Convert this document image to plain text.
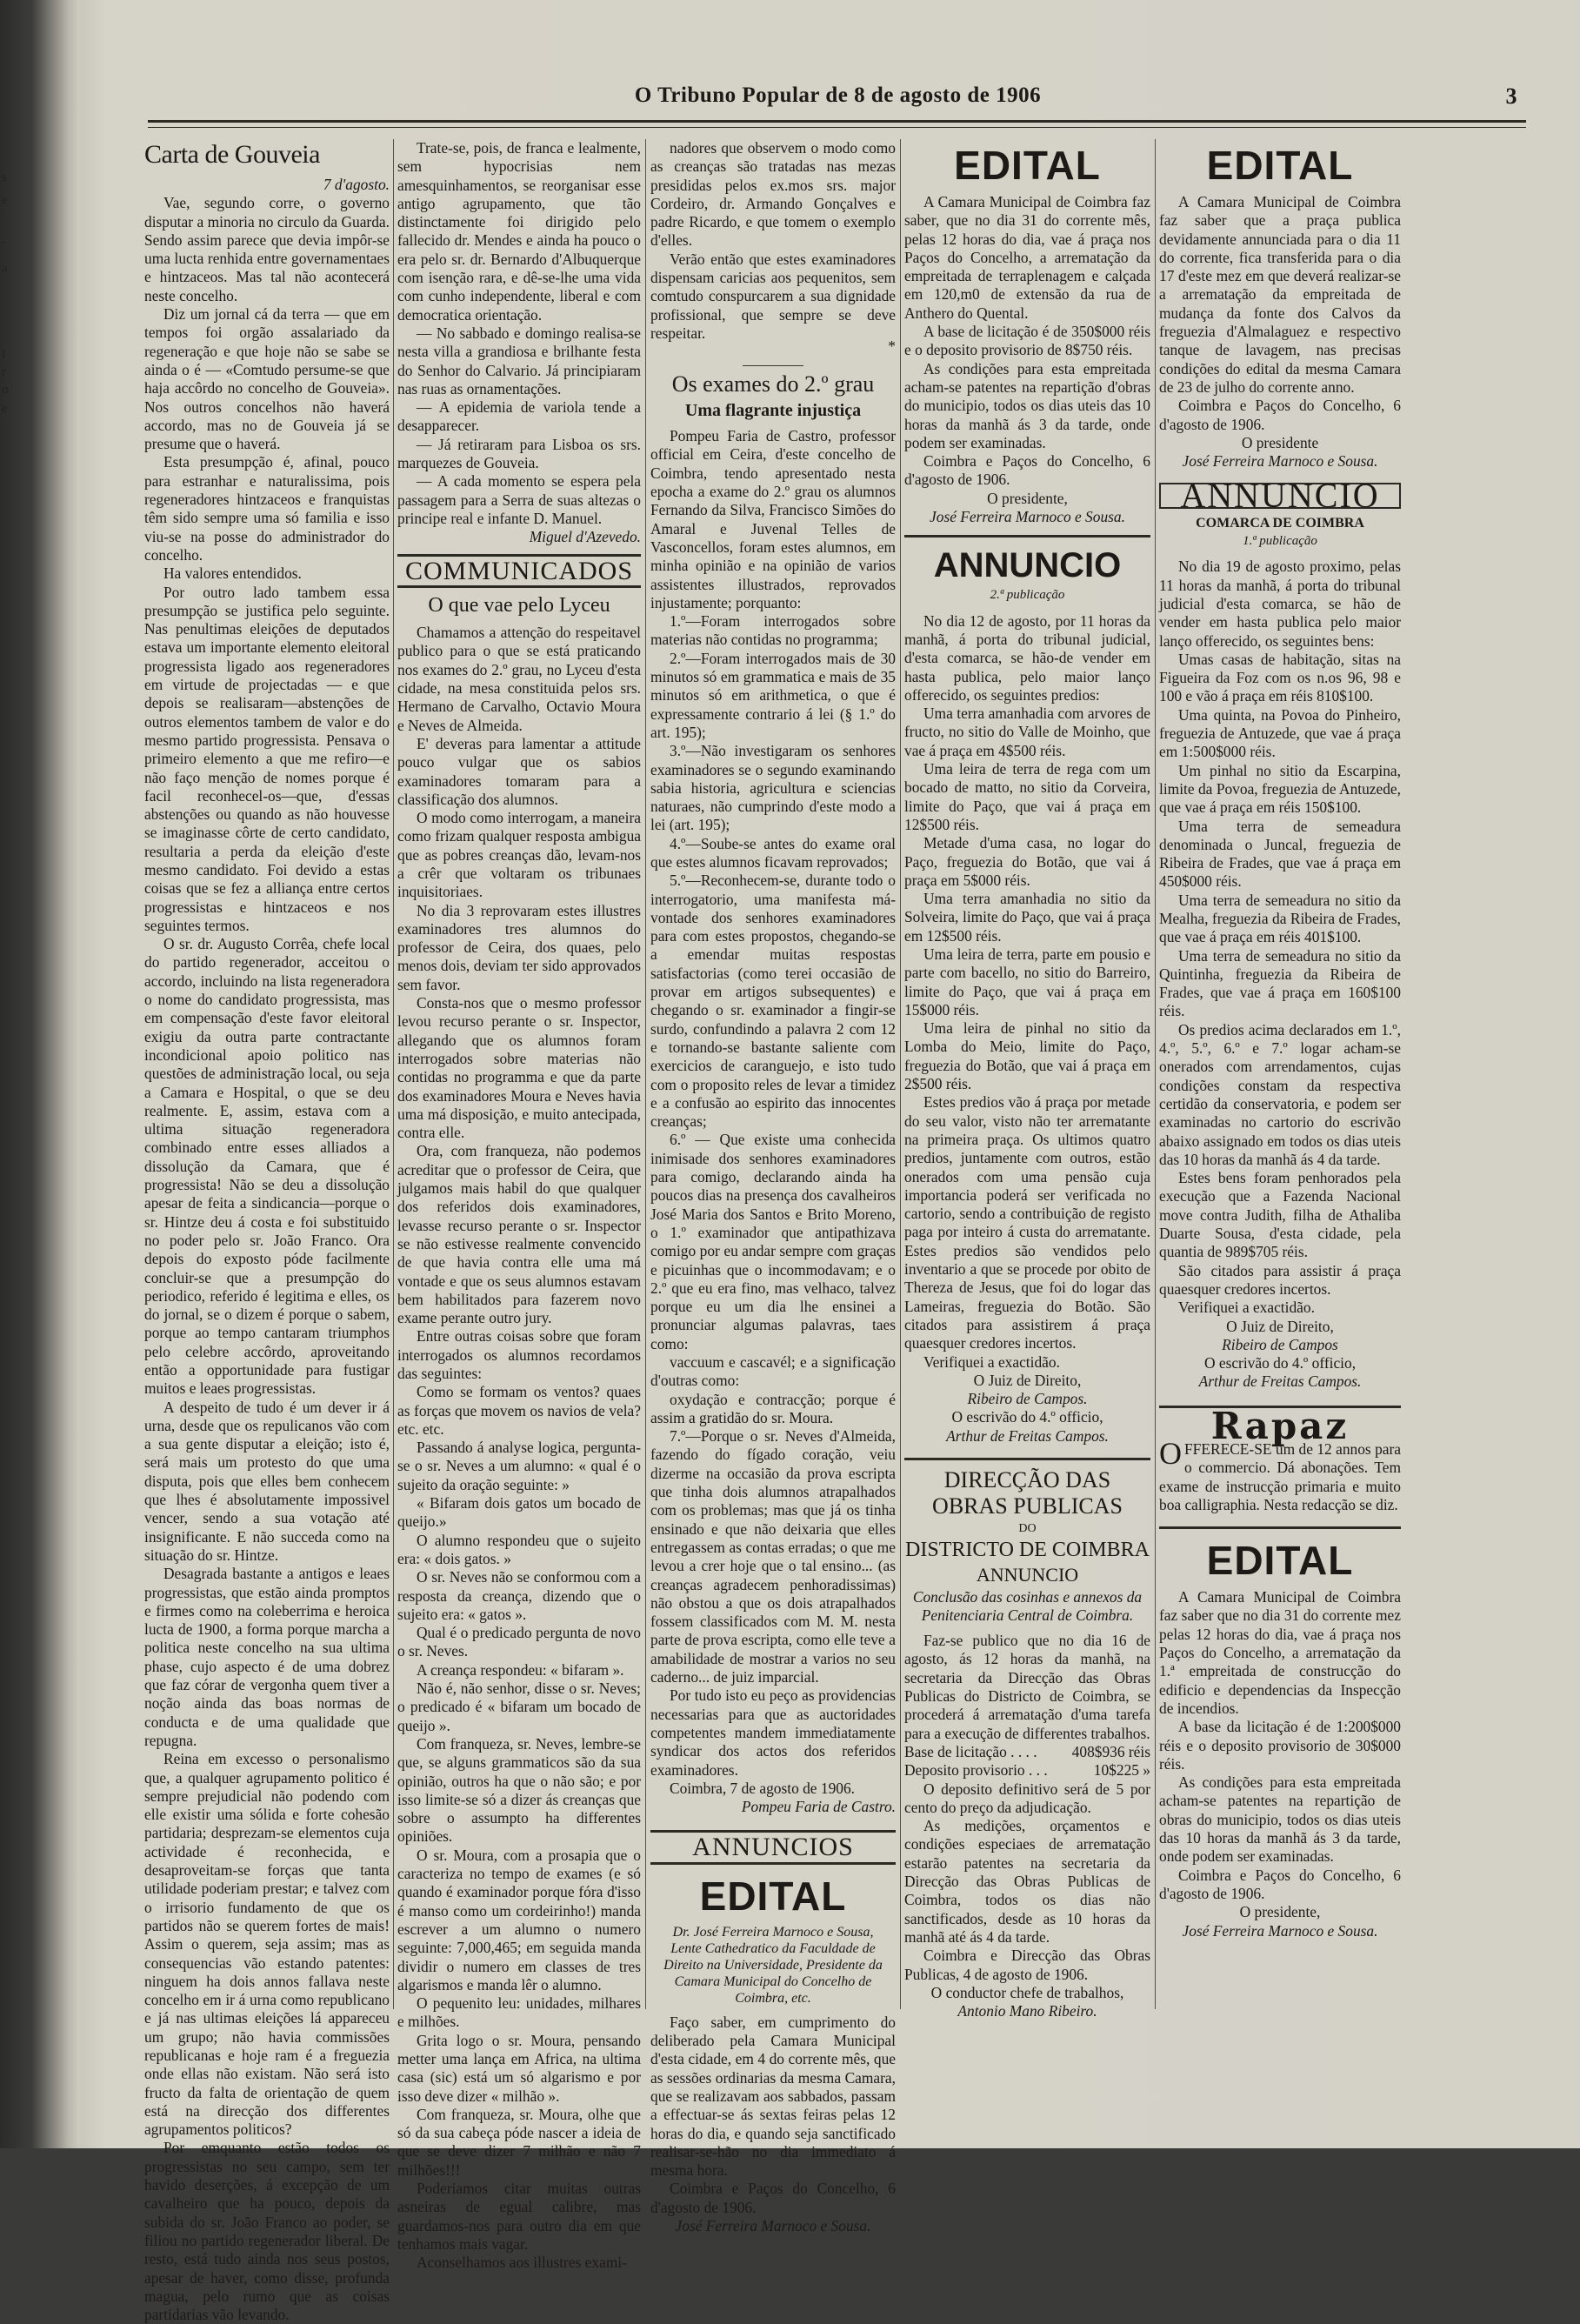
s
e
-
a
l
r
o
e
O Tribuno Popular de 8 de agosto de 1906	3
Carta de Gouveia
7 d'agosto.

Vae, segundo corre, o governo disputar a minoria no circulo da Guarda. Sendo assim parece que devia impôr-se uma lucta renhida entre governamentaes e hintzaceos. Mas tal não acontecerá neste concelho.

Diz um jornal cá da terra — que em tempos foi orgão assalariado da regeneração e que hoje não se sabe se ainda o é — «Comtudo persume-se que haja accôrdo no concelho de Gouveia». Nos outros concelhos não haverá accordo, mas no de Gouveia já se presume que o haverá.

Esta presumpção é, afinal, pouco para estranhar e naturalissima, pois regeneradores hintzaceos e franquistas têm sido sempre uma só familia e isso viu-se na posse do administrador do concelho.

Ha valores entendidos.

Por outro lado tambem essa presumpção se justifica pelo seguinte. Nas penultimas eleições de deputados estava um importante elemento eleitoral progressista ligado aos regeneradores em virtude de projectadas — e que depois se realisaram—abstenções de outros elementos tambem de valor e do mesmo partido progressista. Pensava o primeiro elemento a que me refiro—e não faço menção de nomes porque é facil reconhecel-os—que, d'essas abstenções ou quando as não houvesse se imaginasse côrte de certo candidato, resultaria a perda da eleição d'este mesmo candidato. Foi devido a estas coisas que se fez a alliança entre certos progressistas e hintzaceos e nos seguintes termos.

O sr. dr. Augusto Corrêa, chefe local do partido regenerador, acceitou o accordo, incluindo na lista regeneradora o nome do candidato progressista, mas em compensação d'este favor eleitoral exigiu da outra parte contractante incondicional apoio politico nas questões de administração local, ou seja a Camara e Hospital, o que se deu realmente. E, assim, estava com a ultima situação regeneradora combinado entre esses alliados a dissolução da Camara, que é progressista! Não se deu a dissolução apesar de feita a sindicancia—porque o sr. Hintze deu á costa e foi substituido no poder pelo sr. João Franco. Ora depois do exposto póde facilmente concluir-se que a presumpção do periodico, referido é legitima e elles, os do jornal, se o dizem é porque o sabem, porque ao tempo cantaram triumphos pelo celebre accôrdo, aproveitando então a opportunidade para fustigar muitos e leaes progressistas.

A despeito de tudo é um dever ir á urna, desde que os repulicanos vão com a sua gente disputar a eleição; isto é, será mais um protesto do que uma disputa, pois que elles bem conhecem que lhes é absolutamente impossivel vencer, sendo a sua votação até insignificante. E não succeda como na situação do sr. Hintze.

Desagrada bastante a antigos e leaes progressistas, que estão ainda promptos e firmes como na coleberrima e heroica lucta de 1900, a forma porque marcha a politica neste concelho na sua ultima phase, cujo aspecto é de uma dobrez que faz córar de vergonha quem tiver a noção ainda das boas normas de conducta e de uma qualidade que repugna.

Reina em excesso o personalismo que, a qualquer agrupamento politico é sempre prejudicial não podendo com elle existir uma sólida e forte cohesão partidaria; desprezam-se elementos cuja actividade é reconhecida, e desaproveitam-se forças que tanta utilidade poderiam prestar; e talvez com o irrisorio fundamento de que os partidos não se querem fortes de mais! Assim o querem, seja assim; mas as consequencias vão estando patentes: ninguem ha dois annos fallava neste concelho em ir á urna como republicano e já nas ultimas eleições lá appareceu um grupo; não havia commissões republicanas e hoje ram é a freguezia onde ellas não existam. Não será isto fructo da falta de orientação de quem está na direcção dos differentes agrupamentos politicos?

Por emquanto estão todos os progressistas no seu campo, sem ter havido deserções, á excepção de um cavalheiro que ha pouco, depois da subida do sr. João Franco ao poder, se filiou no partido regenerador liberal. De resto, está tudo ainda nos seus postos, apesar de haver, como disse, profunda magua, pelo rumo que as coisas partidarias vão levando.

Trate-se, pois, de franca e lealmente, sem hypocrisias nem amesquinhamentos, se reorganisar esse antigo agrupamento, que tão distinctamente foi dirigido pelo fallecido dr. Mendes e ainda ha pouco o era pelo sr. dr. Bernardo d'Albuquerque com isenção rara, e dê-se-lhe uma vida com cunho independente, liberal e com democratica orientação.

— No sabbado e domingo realisa-se nesta villa a grandiosa e brilhante festa do Senhor do Calvario. Já principiaram nas ruas as ornamentações.

— A epidemia de variola tende a desapparecer.

— Já retiraram para Lisboa os srs. marquezes de Gouveia.

— A cada momento se espera pela passagem para a Serra de suas altezas o principe real e infante D. Manuel.

Miguel d'Azevedo.
COMMUNICADOS
O que vae pelo Lyceu

Chamamos a attenção do respeitavel publico para o que se está praticando nos exames do 2.º grau, no Lyceu d'esta cidade, na mesa constituida pelos srs. Hermano de Carvalho, Octavio Moura e Neves de Almeida.

E' deveras para lamentar a attitude pouco vulgar que os sabios examinadores tomaram para a classificação dos alumnos.

O modo como interrogam, a maneira como frizam qualquer resposta ambigua que as pobres creanças dão, levam-nos a crêr que voltaram os tribunaes inquisitoriaes.

No dia 3 reprovaram estes illustres examinadores tres alumnos do professor de Ceira, dos quaes, pelo menos dois, deviam ter sido approvados sem favor.

Consta-nos que o mesmo professor levou recurso perante o sr. Inspector, allegando que os alumnos foram interrogados sobre materias não contidas no programma e que da parte dos examinadores Moura e Neves havia uma má disposição, e muito antecipada, contra elle.

Ora, com franqueza, não podemos acreditar que o professor de Ceira, que julgamos mais habil do que qualquer dos referidos dois examinadores, levasse recurso perante o sr. Inspector se não estivesse realmente convencido de que havia contra elle uma má vontade e que os seus alumnos estavam bem habilitados para fazerem novo exame perante outro jury.

Entre outras coisas sobre que foram interrogados os alumnos recordamos das seguintes:

Como se formam os ventos? quaes as forças que movem os navios de vela? etc. etc.

Passando á analyse logica, pergunta-se o sr. Neves a um alumno: « qual é o sujeito da oração seguinte: »

« Bifaram dois gatos um bocado de queijo.»

O alumno respondeu que o sujeito era: « dois gatos. »

O sr. Neves não se conformou com a resposta da creança, dizendo que o sujeito era: « gatos ».

Qual é o predicado pergunta de novo o sr. Neves.

A creança respondeu: « bifaram ».

Não é, não senhor, disse o sr. Neves; o predicado é « bifaram um bocado de queijo ».

Com franqueza, sr. Neves, lembre-se que, se alguns grammaticos são da sua opinião, outros ha que o não são; e por isso limite-se só a dizer ás creanças que sobre o assumpto ha differentes opiniões.

O sr. Moura, com a prosapia que o caracteriza no tempo de exames (e só quando é examinador porque fóra d'isso é manso como um cordeirinho!) manda escrever a um alumno o numero seguinte: 7,000,465; em seguida manda dividir o numero em classes de tres algarismos e manda lêr o alumno.

O pequenito leu: unidades, milhares e milhões.

Grita logo o sr. Moura, pensando metter uma lança em Africa, na ultima casa (sic) está um só algarismo e por isso deve dizer « milhão ».

Com franqueza, sr. Moura, olhe que só da sua cabeça póde nascer a ideia de que se deve dizer 7 milhão e não 7 milhões!!!

Poderiamos citar muitas outras asneiras de egual calibre, mas guardamos-nos para outro dia em que tenhamos mais vagar.

Aconselhamos aos illustres exami-

nadores que observem o modo como as creanças são tratadas nas mezas presididas pelos ex.mos srs. major Cordeiro, dr. Armando Gonçalves e padre Ricardo, e que tomem o exemplo d'elles.

Verão então que estes examinadores dispensam caricias aos pequenitos, sem comtudo conspurcarem a sua dignidade profissional, que sempre se deve respeitar.

*
Os exames do 2.º grau
Uma flagrante injustiça

Pompeu Faria de Castro, professor official em Ceira, d'este concelho de Coimbra, tendo apresentado nesta epocha a exame do 2.º grau os alumnos Fernando da Silva, Francisco Simões do Amaral e Juvenal Telles de Vasconcellos, foram estes alumnos, em minha opinião e na opinião de varios assistentes illustrados, reprovados injustamente; porquanto:

1.º—Foram interrogados sobre materias não contidas no programma;

2.º—Foram interrogados mais de 30 minutos só em grammatica e mais de 35 minutos só em arithmetica, o que é expressamente contrario á lei (§ 1.º do art. 195);

3.º—Não investigaram os senhores examinadores se o segundo examinando sabia historia, agricultura e sciencias naturaes, não cumprindo d'este modo a lei (art. 195);

4.º—Soube-se antes do exame oral que estes alumnos ficavam reprovados;

5.º—Reconhecem-se, durante todo o interrogatorio, uma manifesta má-vontade dos senhores examinadores para com estes propostos, chegando-se a emendar muitas respostas satisfactorias (como terei occasião de provar em artigos subsequentes) e chegando o sr. examinador a fingir-se surdo, confundindo a palavra 2 com 12 e tornando-se bastante saliente com exercicios de caranguejo, e isto tudo com o proposito reles de levar a timidez e a confusão ao espirito das innocentes creanças;

6.º — Que existe uma conhecida inimisade dos senhores examinadores para comigo, declarando ainda ha poucos dias na presença dos cavalheiros José Maria dos Santos e Brito Moreno, o 1.º examinador que antipathizava comigo por eu andar sempre com graças e picuinhas que o incommodavam; e o 2.º que eu era fino, mas velhaco, talvez porque eu um dia lhe ensinei a pronunciar algumas palavras, taes como:

vaccuum e cascavél; e a significação d'outras como:

oxydação e contracção; porque é assim a gratidão do sr. Moura.

7.º—Porque o sr. Neves d'Almeida, fazendo do fígado coração, veiu dizerme na occasião da prova escripta que tinha dois alumnos atrapalhados com os problemas; mas que já os tinha ensinado e que não deixaria que elles entregassem as contas erradas; o que me levou a crer hoje que o tal ensino... (as creanças agradecem penhoradissimas) não obstou a que os dois atrapalhados fossem classificados com M. M. nesta parte de prova escripta, como elle teve a amabilidade de mostrar a varios no seu caderno... de juiz imparcial.

Por tudo isto eu peço as providencias necessarias para que as auctoridades competentes mandem immediatamente syndicar dos actos dos referidos examinadores.

Coimbra, 7 de agosto de 1906.

Pompeu Faria de Castro.
ANNUNCIOS
EDITAL
Dr. José Ferreira Marnoco e Sousa, Lente Cathedratico da Faculdade de Direito na Universidade, Presidente da Camara Municipal do Concelho de Coimbra, etc.

Faço saber, em cumprimento do deliberado pela Camara Municipal d'esta cidade, em 4 do corrente mês, que as sessões ordinarias da mesma Camara, que se realizavam aos sabbados, passam a effectuar-se ás sextas feiras pelas 12 horas do dia, e quando seja sanctificado realisar-se-hão no dia immediato á mesma hora.

Coimbra e Paços do Concelho, 6 d'agosto de 1906.

José Ferreira Marnoco e Sousa.
EDITAL

A Camara Municipal de Coimbra faz saber, que no dia 31 do corrente mês, pelas 12 horas do dia, vae á praça nos Paços do Concelho, a arrematação da empreitada de terraplenagem e calçada em 120,m0 de extensão da rua de Anthero do Quental.

A base de licitação é de 350$000 réis e o deposito provisorio de 8$750 réis.

As condições para esta empreitada acham-se patentes na repartição d'obras do municipio, todos os dias uteis das 10 horas da manhã ás 3 da tarde, onde podem ser examinadas.

Coimbra e Paços do Concelho, 6 d'agosto de 1906.

O presidente,
José Ferreira Marnoco e Sousa.
ANNUNCIO
2.ª publicação

No dia 12 de agosto, por 11 horas da manhã, á porta do tribunal judicial, d'esta comarca, se hão-de vender em hasta publica, pelo maior lanço offerecido, os seguintes predios:

Uma terra amanhadia com arvores de fructo, no sitio do Valle de Moinho, que vae á praça em 4$500 réis.

Uma leira de terra de rega com um bocado de matto, no sitio da Corveira, limite do Paço, que vai á praça em 12$500 réis.

Metade d'uma casa, no logar do Paço, freguezia do Botão, que vai á praça em 5$000 réis.

Uma terra amanhadia no sitio da Solveira, limite do Paço, que vai á praça em 12$500 réis.

Uma leira de terra, parte em pousio e parte com bacello, no sitio do Barreiro, limite do Paço, que vai á praça em 15$000 réis.

Uma leira de pinhal no sitio da Lomba do Meio, limite do Paço, freguezia do Botão, que vai á praça em 2$500 réis.

Estes predios vão á praça por metade do seu valor, visto não ter arrematante na primeira praça. Os ultimos quatro predios, juntamente com outros, estão onerados com uma pensão cuja importancia poderá ser verificada no cartorio, sendo a contribuição de registo paga por inteiro á custa do arrematante. Estes predios são vendidos pelo inventario a que se procede por obito de Thereza de Jesus, que foi do logar das Lameiras, freguezia do Botão. São citados para assistirem á praça quaesquer credores incertos.

Verifiquei a exactidão.

O Juiz de Direito,
Ribeiro de Campos.
O escrivão do 4.º officio,
Arthur de Freitas Campos.
DIRECÇÃO DAS OBRAS PUBLICAS
DO
DISTRICTO DE COIMBRA
ANNUNCIO
Conclusão das cosinhas e annexos da Penitenciaria Central de Coimbra.

Faz-se publico que no dia 16 de agosto, ás 12 horas da manhã, na secretaria da Direcção das Obras Publicas do Districto de Coimbra, se procederá á arrematação d'uma tarefa para a execução de differentes trabalhos.

Base de licitação . . . . 408$936 réis
Deposito provisorio . . .	10$225 »

O deposito definitivo será de 5 por cento do preço da adjudicação.

As medições, orçamentos e condições especiaes de arrematação estarão patentes na secretaria da Direcção das Obras Publicas de Coimbra, todos os dias não sanctificados, desde as 10 horas da manhã até ás 4 da tarde.

Coimbra e Direcção das Obras Publicas, 4 de agosto de 1906.

O conductor chefe de trabalhos,
Antonio Mano Ribeiro.
EDITAL

A Camara Municipal de Coimbra faz saber que a praça publica devidamente annunciada para o dia 11 do corrente, fica transferida para o dia 17 d'este mez em que deverá realizar-se a arrematação da empreitada de mudança da fonte dos Calvos da freguezia d'Almalaguez e respectivo tanque de lavagem, nas precisas condições do edital da mesma Camara de 23 de julho do corrente anno.

Coimbra e Paços do Concelho, 6 d'agosto de 1906.

O presidente
José Ferreira Marnoco e Sousa.
ANNUNCIO
COMARCA DE COIMBRA
1.ª publicação

No dia 19 de agosto proximo, pelas 11 horas da manhã, á porta do tribunal judicial d'esta comarca, se hão de vender em hasta publica pelo maior lanço offerecido, os seguintes bens:

Umas casas de habitação, sitas na Figueira da Foz com os n.os 96, 98 e 100 e vão á praça em réis 810$100.

Uma quinta, na Povoa do Pinheiro, freguezia de Antuzede, que vae á praça em 1:500$000 réis.

Um pinhal no sitio da Escarpina, limite da Povoa, freguezia de Antuzede, que vae á praça em réis 150$100.

Uma terra de semeadura denominada o Juncal, freguezia de Ribeira de Frades, que vae á praça em 450$000 réis.

Uma terra de semeadura no sitio da Mealha, freguezia da Ribeira de Frades, que vae á praça em réis 401$100.

Uma terra de semeadura no sitio da Quintinha, freguezia da Ribeira de Frades, que vae á praça em 160$100 réis.

Os predios acima declarados em 1.º, 4.º, 5.º, 6.º e 7.º logar acham-se onerados com arrendamentos, cujas condições constam da respectiva certidão da conservatoria, e podem ser examinadas no cartorio do escrivão abaixo assignado em todos os dias uteis das 10 horas da manhã ás 4 da tarde.

Estes bens foram penhorados pela execução que a Fazenda Nacional move contra Judith, filha de Athaliba Duarte Sousa, d'esta cidade, pela quantia de 989$705 réis.

São citados para assistir á praça quaesquer credores incertos.

Verifiquei a exactidão.

O Juiz de Direito,
Ribeiro de Campos
O escrivão do 4.º officio,
Arthur de Freitas Campos.
Rapaz
OFFERECE-SE um de 12 annos para o commercio. Dá abonações. Tem exame de instrucção primaria e muito boa calligraphia. Nesta redacção se diz.
EDITAL

A Camara Municipal de Coimbra faz saber que no dia 31 do corrente mez pelas 12 horas do dia, vae á praça nos Paços do Concelho, a arrematação da 1.ª empreitada de construcção do edificio e dependencias da Inspecção de incendios.

A base da licitação é de 1:200$000 réis e o deposito provisorio de 30$000 réis.

As condições para esta empreitada acham-se patentes na repartição de obras do municipio, todos os dias uteis das 10 horas da manhã ás 3 da tarde, onde podem ser examinadas.

Coimbra e Paços do Concelho, 6 d'agosto de 1906.

O presidente,
José Ferreira Marnoco e Sousa.
